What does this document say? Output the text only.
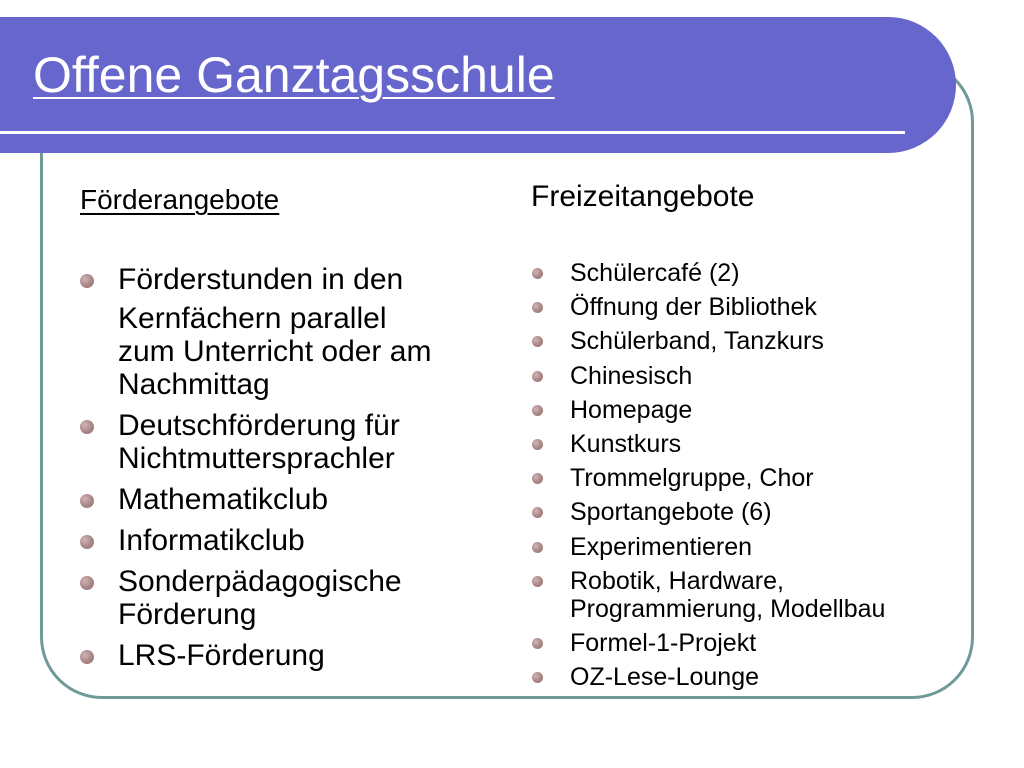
Offene Ganztagsschule
Förderangebote	Freizeitangebote
Förderstunden in den
Kernfächern parallel
zum Unterricht oder am
Nachmittag
Deutschförderung für
Nichtmuttersprachler
Mathematikclub
Informatikclub
Sonderpädagogische
Förderung
LRS-Förderung
Schülercafé (2)
Öffnung der Bibliothek
Schülerband, Tanzkurs
Chinesisch
Homepage
Kunstkurs
Trommelgruppe, Chor
Sportangebote (6)
Experimentieren
Robotik, Hardware,
Programmierung, Modellbau
Formel-1-Projekt
OZ-Lese-Lounge
